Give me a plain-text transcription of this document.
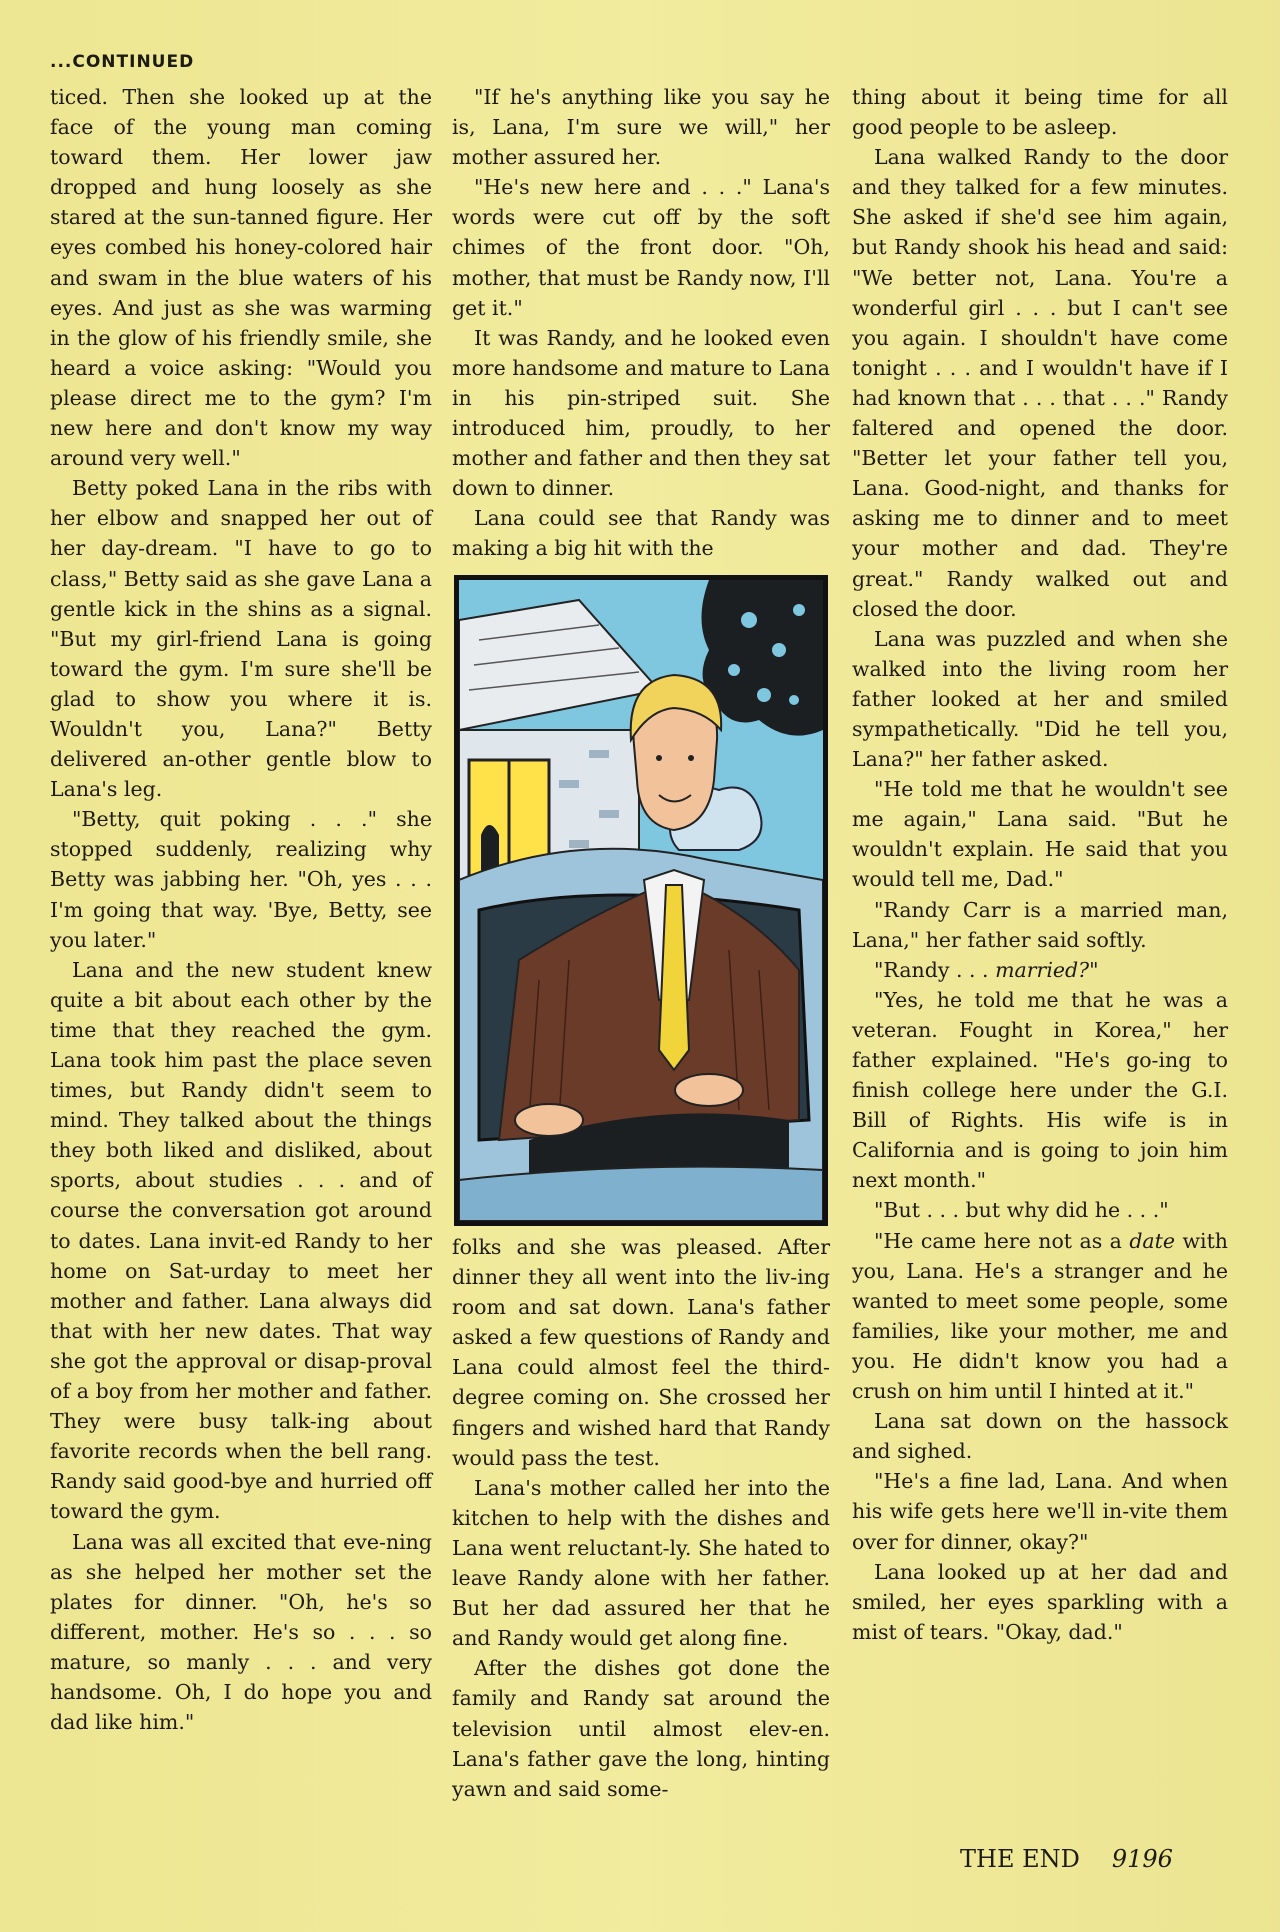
...CONTINUED

ticed. Then she looked up at the face of the young man coming toward them. Her lower jaw dropped and hung loosely as she stared at the sun-tanned figure. Her eyes combed his honey-colored hair and swam in the blue waters of his eyes. And just as she was warming in the glow of his friendly smile, she heard a voice asking: "Would you please direct me to the gym? I'm new here and don't know my way around very well."

Betty poked Lana in the ribs with her elbow and snapped her out of her day-dream. "I have to go to class," Betty said as she gave Lana a gentle kick in the shins as a signal. "But my girl-friend Lana is going toward the gym. I'm sure she'll be glad to show you where it is. Wouldn't you, Lana?" Betty delivered an-other gentle blow to Lana's leg.

"Betty, quit poking . . ." she stopped suddenly, realizing why Betty was jabbing her. "Oh, yes . . . I'm going that way. 'Bye, Betty, see you later."

Lana and the new student knew quite a bit about each other by the time that they reached the gym. Lana took him past the place seven times, but Randy didn't seem to mind. They talked about the things they both liked and disliked, about sports, about studies . . . and of course the conversation got around to dates. Lana invit-ed Randy to her home on Sat-urday to meet her mother and father. Lana always did that with her new dates. That way she got the approval or disap-proval of a boy from her mother and father. They were busy talk-ing about favorite records when the bell rang. Randy said good-bye and hurried off toward the gym.

Lana was all excited that eve-ning as she helped her mother set the plates for dinner. "Oh, he's so different, mother. He's so . . . so mature, so manly . . . and very handsome. Oh, I do hope you and dad like him."

"If he's anything like you say he is, Lana, I'm sure we will," her mother assured her.

"He's new here and . . ." Lana's words were cut off by the soft chimes of the front door. "Oh, mother, that must be Randy now, I'll get it."

It was Randy, and he looked even more handsome and mature to Lana in his pin-striped suit. She introduced him, proudly, to her mother and father and then they sat down to dinner.

Lana could see that Randy was making a big hit with the

folks and she was pleased. After dinner they all went into the liv-ing room and sat down. Lana's father asked a few questions of Randy and Lana could almost feel the third-degree coming on. She crossed her fingers and wished hard that Randy would pass the test.

Lana's mother called her into the kitchen to help with the dishes and Lana went reluctant-ly. She hated to leave Randy alone with her father. But her dad assured her that he and Randy would get along fine.

After the dishes got done the family and Randy sat around the television until almost elev-en. Lana's father gave the long, hinting yawn and said some-

thing about it being time for all good people to be asleep.

Lana walked Randy to the door and they talked for a few minutes. She asked if she'd see him again, but Randy shook his head and said: "We better not, Lana. You're a wonderful girl . . . but I can't see you again. I shouldn't have come tonight . . . and I wouldn't have if I had known that . . . that . . ." Randy faltered and opened the door. "Better let your father tell you, Lana. Good-night, and thanks for asking me to dinner and to meet your mother and dad. They're great." Randy walked out and closed the door.

Lana was puzzled and when she walked into the living room her father looked at her and smiled sympathetically. "Did he tell you, Lana?" her father asked.

"He told me that he wouldn't see me again," Lana said. "But he wouldn't explain. He said that you would tell me, Dad."

"Randy Carr is a married man, Lana," her father said softly.

"Randy . . . married?"

"Yes, he told me that he was a veteran. Fought in Korea," her father explained. "He's go-ing to finish college here under the G.I. Bill of Rights. His wife is in California and is going to join him next month."

"But . . . but why did he . . ."

"He came here not as a date with you, Lana. He's a stranger and he wanted to meet some people, some families, like your mother, me and you. He didn't know you had a crush on him until I hinted at it."

Lana sat down on the hassock and sighed.

"He's a fine lad, Lana. And when his wife gets here we'll in-vite them over for dinner, okay?"

Lana looked up at her dad and smiled, her eyes sparkling with a mist of tears. "Okay, dad."

THE END 9196
